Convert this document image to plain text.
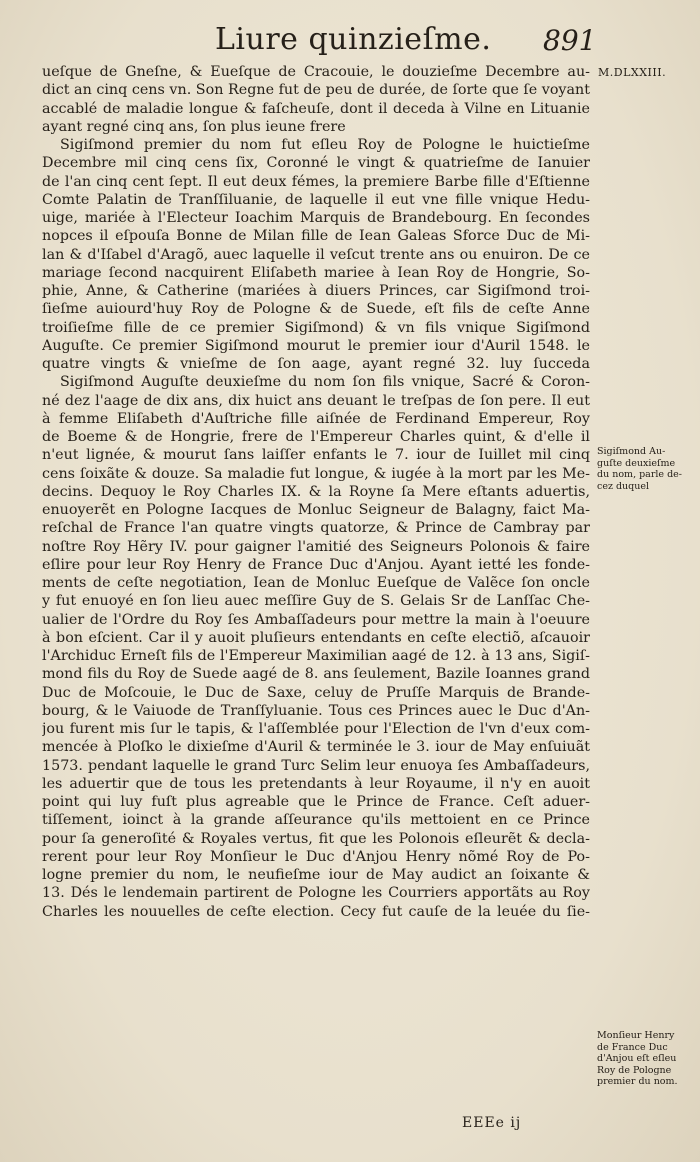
Liure quinzieſme. 891
M.DLXXIII.
ueſque de Gneſne, & Eueſque de Cracouie, le douzieſme Decembre au-
dict an cinq cens vn. Son Regne fut de peu de durée, de ſorte que ſe voyant
accablé de maladie longue & faſcheuſe, dont il deceda à Vilne en Lituanie
ayant regné cinq ans, ſon plus ieune frere
Sigiſmond premier du nom fut eſleu Roy de Pologne le huictieſme
Decembre mil cinq cens ſix, Coronné le vingt & quatrieſme de Ianuier
de l'an cinq cent ſept. Il eut deux fémes, la premiere Barbe fille d'Eſtienne
Comte Palatin de Tranſſiluanie, de laquelle il eut vne fille vnique Hedu-
uige, mariée à l'Electeur Ioachim Marquis de Brandebourg. En ſecondes
nopces il eſpouſa Bonne de Milan fille de Iean Galeas Sforce Duc de Mi-
lan & d'Iſabel d'Aragõ, auec laquelle il veſcut trente ans ou enuiron. De ce
mariage ſecond nacquirent Eliſabeth mariee à Iean Roy de Hongrie, So-
phie, Anne, & Catherine (mariées à diuers Princes, car Sigiſmond troi-
ſieſme auiourd'huy Roy de Pologne & de Suede, eſt fils de ceſte Anne
troiſieſme fille de ce premier Sigiſmond) & vn fils vnique Sigiſmond
Auguſte. Ce premier Sigiſmond mourut le premier iour d'Auril 1548. le
quatre vingts & vnieſme de ſon aage, ayant regné 32. luy ſucceda
Sigiſmond Auguſte deuxieſme du nom ſon fils vnique, Sacré & Coron-
né dez l'aage de dix ans, dix huict ans deuant le treſpas de ſon pere. Il eut
à femme Eliſabeth d'Auſtriche fille aiſnée de Ferdinand Empereur, Roy
de Boeme & de Hongrie, frere de l'Empereur Charles quint, & d'elle il
n'eut lignée, & mourut ſans laiſſer enfants le 7. iour de Iuillet mil cinq
cens ſoixãte & douze. Sa maladie fut longue, & iugée à la mort par les Me-
decins. Dequoy le Roy Charles IX. & la Royne ſa Mere eſtants aduertis,
enuoyerẽt en Pologne Iacques de Monluc Seigneur de Balagny, faict Ma-
reſchal de France l'an quatre vingts quatorze, & Prince de Cambray par
noſtre Roy Hẽry IV. pour gaigner l'amitié des Seigneurs Polonois & faire
eſlire pour leur Roy Henry de France Duc d'Anjou. Ayant ietté les fonde-
ments de ceſte negotiation, Iean de Monluc Eueſque de Valẽce ſon oncle
y fut enuoyé en ſon lieu auec meſſire Guy de S. Gelais Sr de Lanſſac Che-
ualier de l'Ordre du Roy ſes Ambaſſadeurs pour mettre la main à l'oeuure
à bon eſcient. Car il y auoit pluſieurs entendants en ceſte electiõ, aſcauoir
l'Archiduc Erneſt fils de l'Empereur Maximilian aagé de 12. à 13 ans, Sigiſ-
mond fils du Roy de Suede aagé de 8. ans ſeulement, Bazile Ioannes grand
Duc de Moſcouie, le Duc de Saxe, celuy de Pruſſe Marquis de Brande-
bourg, & le Vaiuode de Tranſſyluanie. Tous ces Princes auec le Duc d'An-
jou furent mis ſur le tapis, & l'aſſemblée pour l'Election de l'vn d'eux com-
mencée à Ploſko le dixieſme d'Auril & terminée le 3. iour de May enſuiuãt
1573. pendant laquelle le grand Turc Selim leur enuoya ſes Ambaſſadeurs,
les aduertir que de tous les pretendants à leur Royaume, il n'y en auoit
point qui luy fuſt plus agreable que le Prince de France. Ceſt aduer-
tiſſement, ioinct à la grande aſſeurance qu'ils mettoient en ce Prince
pour ſa generoſité & Royales vertus, fit que les Polonois eſleurẽt & decla-
rerent pour leur Roy Monſieur le Duc d'Anjou Henry nõmé Roy de Po-
logne premier du nom, le neufieſme iour de May audict an ſoixante &
13. Dés le lendemain partirent de Pologne les Courriers apportãts au Roy
Charles les nouuelles de ceſte election. Cecy fut cauſe de la leuée du ſie-
Sigiſmond Au-
guſte deuxieſme
du nom, parle de-
cez duquel
Monſieur Henry
de France Duc
d'Anjou eſt eſleu
Roy de Pologne
premier du nom.
EEEe ij
